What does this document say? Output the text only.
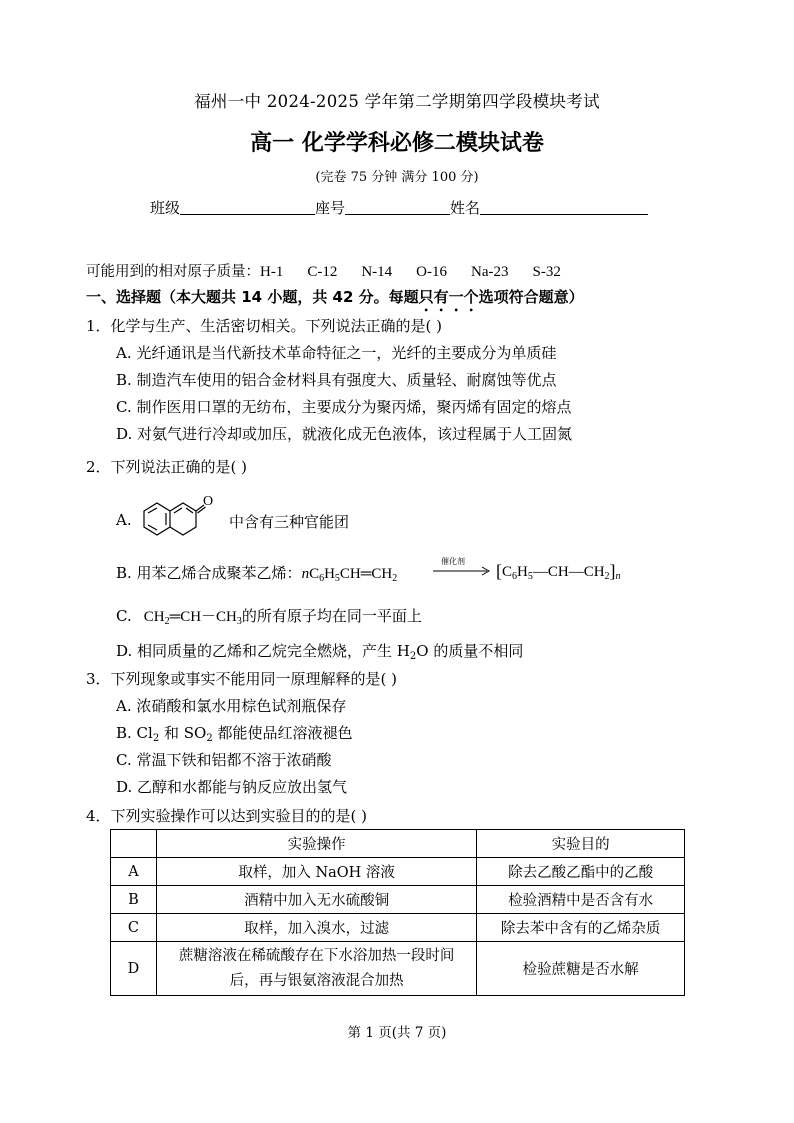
福州一中 2024-2025 学年第二学期第四学段模块考试
高一 化学学科必修二模块试卷
(完卷 75 分钟 满分 100 分)
班级	座号	姓名
可能用到的相对原子质量：H-1 C-12 N-14 O-16 Na-23 S-32
一、选择题（本大题共 14 小题，共 42 分。每题只有一个选项符合题意）
1．化学与生产、生活密切相关。下列说法正确的是( )
A. 光纤通讯是当代新技术革命特征之一，光纤的主要成分为单质硅
B. 制造汽车使用的铝合金材料具有强度大、质量轻、耐腐蚀等优点
C. 制作医用口罩的无纺布，主要成分为聚丙烯，聚丙烯有固定的熔点
D. 对氨气进行冷却或加压，就液化成无色液体，该过程属于人工固氮
2．下列说法正确的是( )
A.
O
中含有三种官能团
B. 用苯乙烯合成聚苯乙烯：$nC_6H_5CH═CH_2$
催化剂 → $[C_6H_5—CH—CH_2]_n$
C. $CH_2═CH-CH_3$的所有原子均在同一平面上
D. 相同质量的乙烯和乙烷完全燃烧，产生 $H_2O$ 的质量不相同
3．下列现象或事实不能用同一原理解释的是( )
A. 浓硝酸和氯水用棕色试剂瓶保存
B. $Cl_2$ 和 $SO_2$ 都能使品红溶液褪色
C. 常温下铁和铝都不溶于浓硝酸
D. 乙醇和水都能与钠反应放出氢气
4．下列实验操作可以达到实验目的的是( )
	实验操作	实验目的
A	取样，加入 NaOH 溶液	除去乙酸乙酯中的乙酸
B	酒精中加入无水硫酸铜	检验酒精中是否含有水
C	取样，加入溴水，过滤	除去苯中含有的乙烯杂质
D	蔗糖溶液在稀硫酸存在下水浴加热一段时间
后，再与银氨溶液混合加热	检验蔗糖是否水解
第 1 页(共 7 页)
